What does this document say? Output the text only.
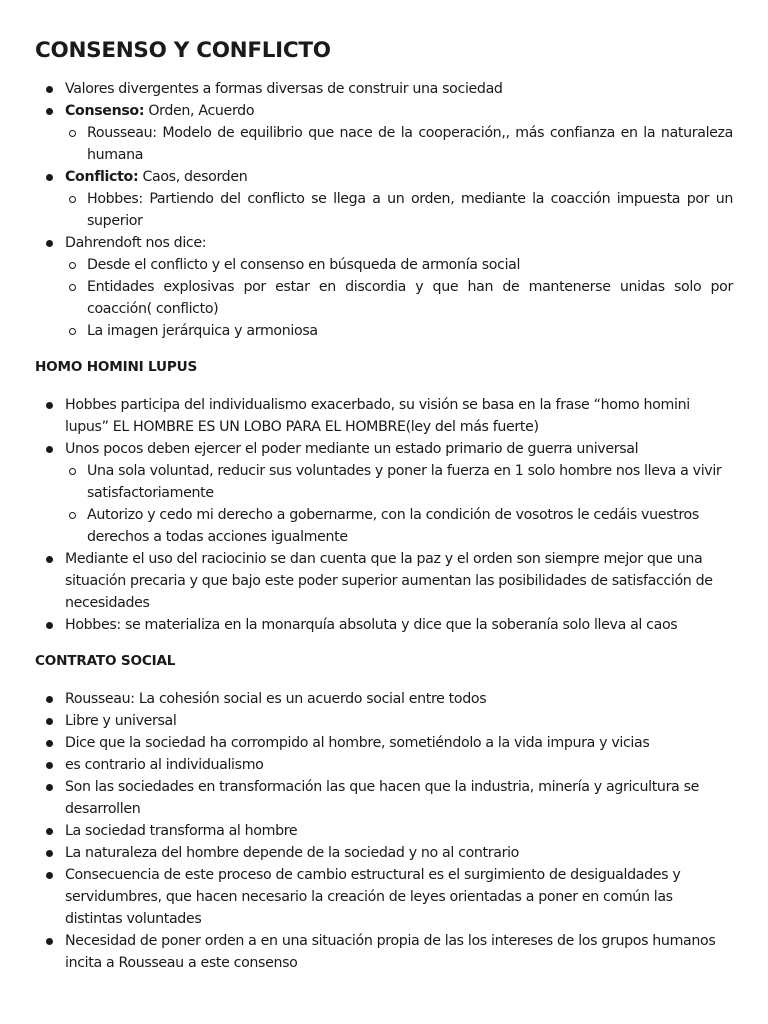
CONSENSO Y CONFLICTO
Valores divergentes a formas diversas de construir una sociedad
Consenso: Orden, Acuerdo
Rousseau: Modelo de equilibrio que nace de la cooperación,, más confianza en la naturaleza humana
Conflicto: Caos, desorden
Hobbes: Partiendo del conflicto se llega a un orden, mediante la coacción impuesta por un superior
Dahrendoft nos dice:
Desde el conflicto y el consenso en búsqueda de armonía social
Entidades explosivas por estar en discordia y que han de mantenerse unidas solo por coacción( conflicto)
La imagen jerárquica y armoniosa
HOMO HOMINI LUPUS
Hobbes participa del individualismo exacerbado, su visión se basa en la frase “homo homini lupus” EL HOMBRE ES UN LOBO PARA EL HOMBRE(ley del más fuerte)
Unos pocos deben ejercer el poder mediante un estado primario de guerra universal
Una sola voluntad, reducir sus voluntades y poner la fuerza en 1 solo hombre nos lleva a vivir satisfactoriamente
Autorizo y cedo mi derecho a gobernarme, con la condición de vosotros le cedáis vuestros derechos a todas acciones igualmente
Mediante el uso del raciocinio se dan cuenta que la paz y el orden son siempre mejor que una situación precaria y que bajo este poder superior aumentan las posibilidades de satisfacción de necesidades
Hobbes: se materializa en la monarquía absoluta y dice que la soberanía solo lleva al caos
CONTRATO SOCIAL
Rousseau: La cohesión social es un acuerdo social entre todos
Libre y universal
Dice que la sociedad ha corrompido al hombre, sometiéndolo a la vida impura y vicias
es contrario al individualismo
Son las sociedades en transformación las que hacen que la industria, minería y agricultura se desarrollen
La sociedad transforma al hombre
La naturaleza del hombre depende de la sociedad y no al contrario
Consecuencia de este proceso de cambio estructural es el surgimiento de desigualdades y servidumbres, que hacen necesario la creación de leyes orientadas a poner en común las distintas voluntades
Necesidad de poner orden a en una situación propia de las los intereses de los grupos humanos incita a Rousseau a este consenso
